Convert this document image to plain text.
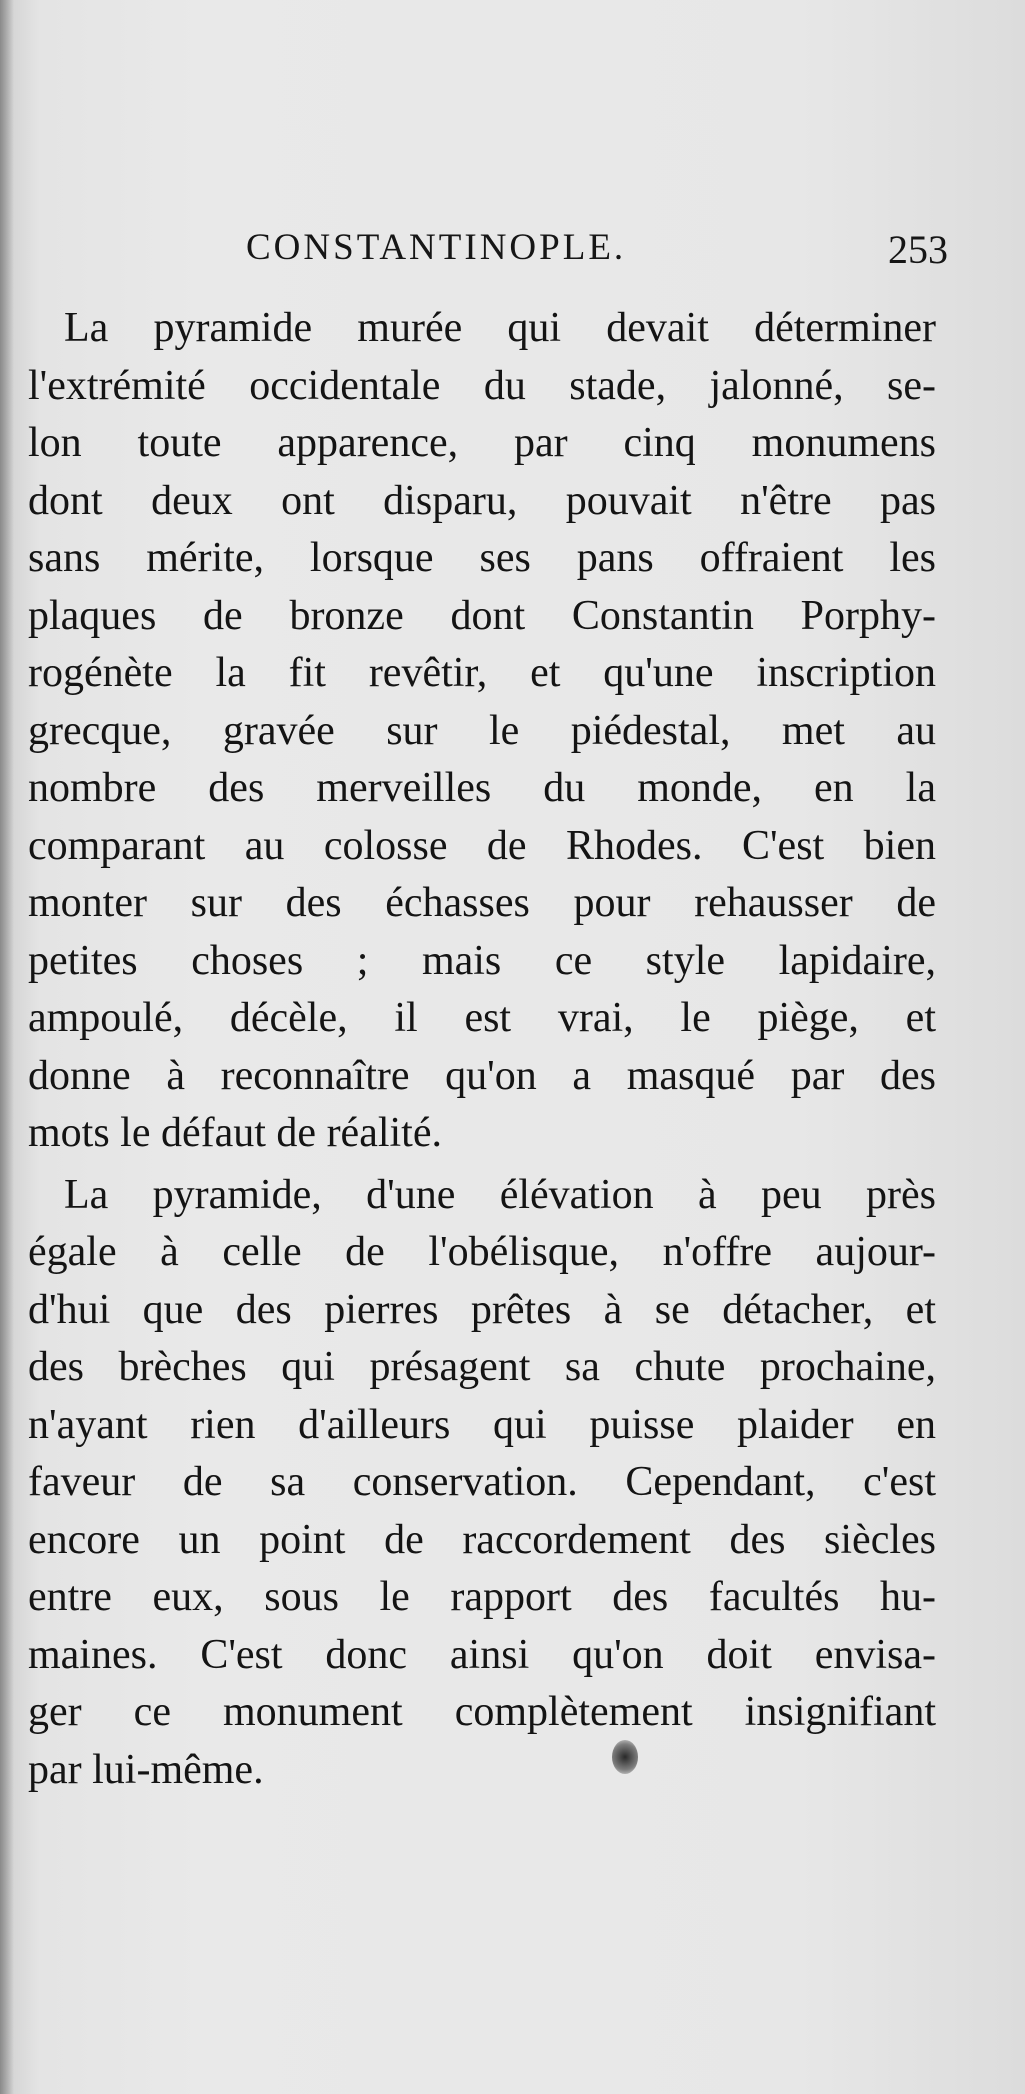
CONSTANTINOPLE.	253

La pyramide murée qui devait déterminer
l'extrémité occidentale du stade, jalonné, se-
lon toute apparence, par cinq monumens
dont deux ont disparu, pouvait n'être pas
sans mérite, lorsque ses pans offraient les
plaques de bronze dont Constantin Porphy-
rogénète la fit revêtir, et qu'une inscription
grecque, gravée sur le piédestal, met au
nombre des merveilles du monde, en la
comparant au colosse de Rhodes. C'est bien
monter sur des échasses pour rehausser de
petites choses ; mais ce style lapidaire,
ampoulé, décèle, il est vrai, le piège, et
donne à reconnaître qu'on a masqué par des
mots le défaut de réalité.

La pyramide, d'une élévation à peu près
égale à celle de l'obélisque, n'offre aujour-
d'hui que des pierres prêtes à se détacher, et
des brèches qui présagent sa chute prochaine,
n'ayant rien d'ailleurs qui puisse plaider en
faveur de sa conservation. Cependant, c'est
encore un point de raccordement des siècles
entre eux, sous le rapport des facultés hu-
maines. C'est donc ainsi qu'on doit envisa-
ger ce monument complètement insignifiant
par lui-même.
